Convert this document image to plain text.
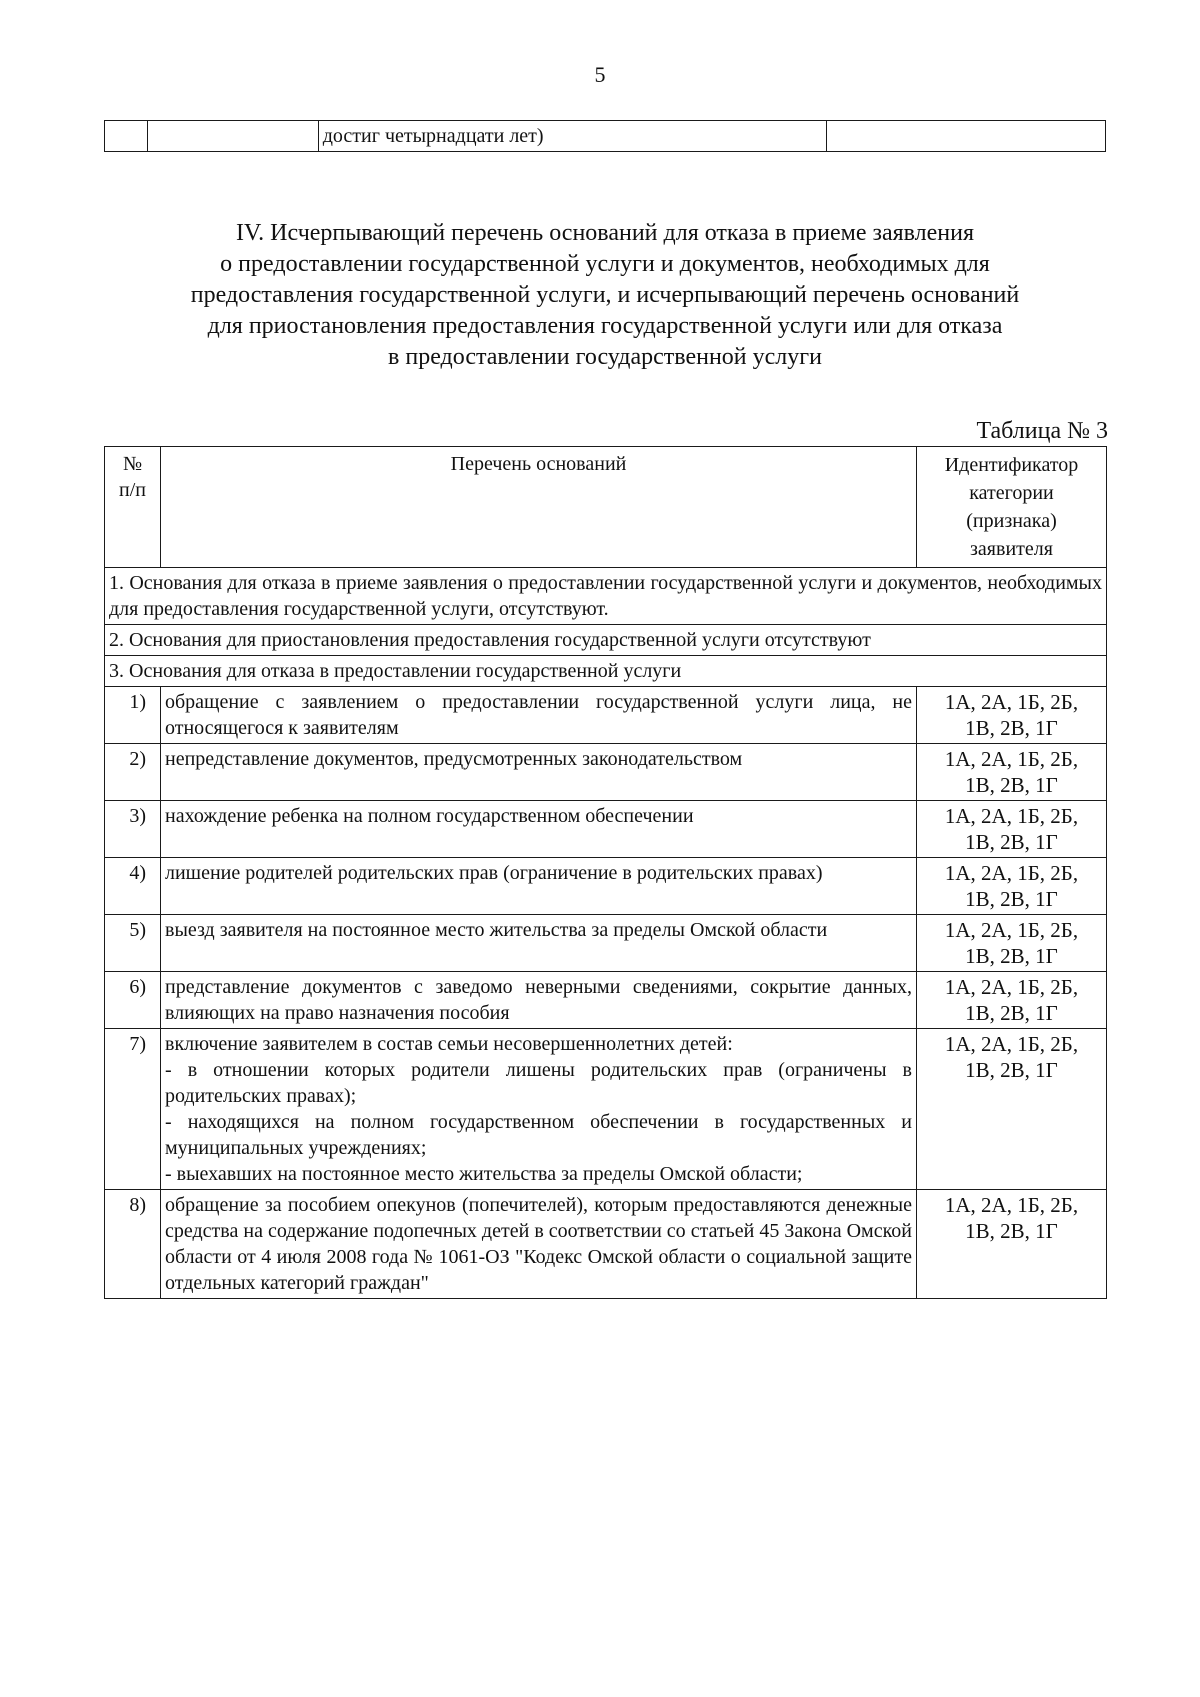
5
		достиг четырнадцати лет)	
IV. Исчерпывающий перечень оснований для отказа в приеме заявления
о предоставлении государственной услуги и документов, необходимых для
предоставления государственной услуги, и исчерпывающий перечень оснований
для приостановления предоставления государственной услуги или для отказа
в предоставлении государственной услуги
Таблица № 3
№
п/п	Перечень оснований	Идентификатор
категории
(признака)
заявителя
1. Основания для отказа в приеме заявления о предоставлении государственной услуги и документов, необходимых для предоставления государственной услуги, отсутствуют.		
2. Основания для приостановления предоставления государственной услуги отсутствуют		
3. Основания для отказа в предоставлении государственной услуги		
1)	обращение с заявлением о предоставлении государственной услуги лица, не относящегося к заявителям	1А, 2А, 1Б, 2Б,
1В, 2В, 1Г
2)	непредставление документов, предусмотренных законодательством	1А, 2А, 1Б, 2Б,
1В, 2В, 1Г
3)	нахождение ребенка на полном государственном обеспечении	1А, 2А, 1Б, 2Б,
1В, 2В, 1Г
4)	лишение родителей родительских прав (ограничение в родительских правах)	1А, 2А, 1Б, 2Б,
1В, 2В, 1Г
5)	выезд заявителя на постоянное место жительства за пределы Омской области	1А, 2А, 1Б, 2Б,
1В, 2В, 1Г
6)	представление документов с заведомо неверными сведениями, сокрытие данных, влияющих на право назначения пособия	1А, 2А, 1Б, 2Б,
1В, 2В, 1Г
7)	включение заявителем в состав семьи несовершеннолетних детей:
- в отношении которых родители лишены родительских прав (ограничены в родительских правах);
- находящихся на полном государственном обеспечении в государственных и муниципальных учреждениях;
- выехавших на постоянное место жительства за пределы Омской области;	1А, 2А, 1Б, 2Б,
1В, 2В, 1Г
8)	обращение за пособием опекунов (попечителей), которым предоставляются денежные средства на содержание подопечных детей в соответствии со статьей 45 Закона Омской области от 4 июля 2008 года № 1061-ОЗ "Кодекс Омской области о социальной защите отдельных категорий граждан"	1А, 2А, 1Б, 2Б,
1В, 2В, 1Г
